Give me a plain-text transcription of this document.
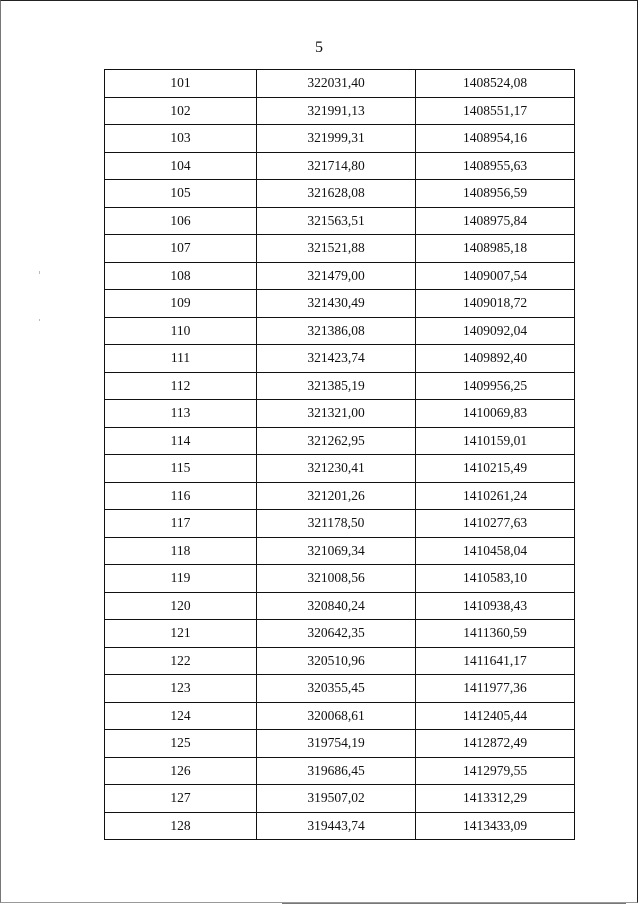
5
101	322031,40	1408524,08
102	321991,13	1408551,17
103	321999,31	1408954,16
104	321714,80	1408955,63
105	321628,08	1408956,59
106	321563,51	1408975,84
107	321521,88	1408985,18
108	321479,00	1409007,54
109	321430,49	1409018,72
110	321386,08	1409092,04
111	321423,74	1409892,40
112	321385,19	1409956,25
113	321321,00	1410069,83
114	321262,95	1410159,01
115	321230,41	1410215,49
116	321201,26	1410261,24
117	321178,50	1410277,63
118	321069,34	1410458,04
119	321008,56	1410583,10
120	320840,24	1410938,43
121	320642,35	1411360,59
122	320510,96	1411641,17
123	320355,45	1411977,36
124	320068,61	1412405,44
125	319754,19	1412872,49
126	319686,45	1412979,55
127	319507,02	1413312,29
128	319443,74	1413433,09
